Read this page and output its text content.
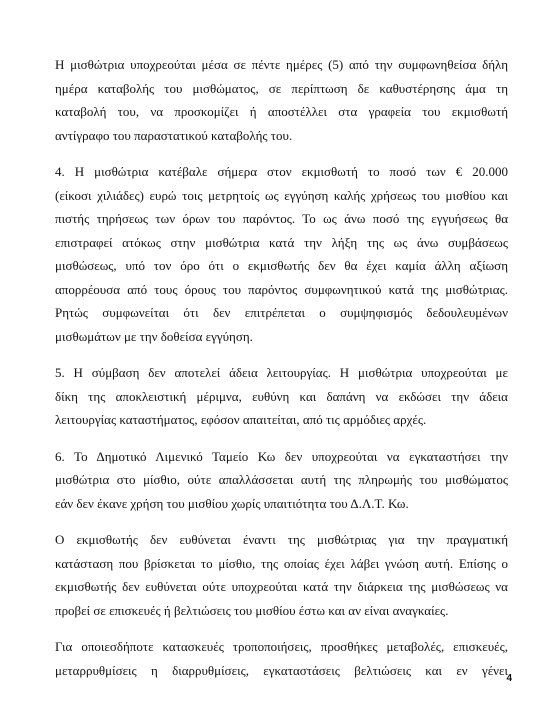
Η μισθώτρια υποχρεούται μέσα σε πέντε ημέρες (5) από την συμφωνηθείσα δήλη
ημέρα καταβολής του μισθώματος, σε περίπτωση δε καθυστέρησης άμα τη
καταβολή του, να προσκομίζει ή αποστέλλει στα γραφεία του εκμισθωτή
αντίγραφο του παραστατικού καταβολής του.

4. Η μισθώτρια κατέβαλε σήμερα στον εκμισθωτή το ποσό των € 20.000
(είκοσι χιλιάδες) ευρώ τοις μετρητοίς ως εγγύηση καλής χρήσεως του μισθίου και
πιστής τηρήσεως των όρων του παρόντος. Το ως άνω ποσό της εγγυήσεως θα
επιστραφεί ατόκως στην μισθώτρια κατά την λήξη της ως άνω συμβάσεως
μισθώσεως, υπό τον όρο ότι ο εκμισθωτής δεν θα έχει καμία άλλη αξίωση
απορρέουσα από τους όρους του παρόντος συμφωνητικού κατά της μισθώτριας.
Ρητώς συμφωνείται ότι δεν επιτρέπεται ο συμψηφισμός δεδουλευμένων
μισθωμάτων με την δοθείσα εγγύηση.

5. Η σύμβαση δεν αποτελεί άδεια λειτουργίας. Η μισθώτρια υποχρεούται με
δίκη της αποκλειστική μέριμνα, ευθύνη και δαπάνη να εκδώσει την άδεια
λειτουργίας καταστήματος, εφόσον απαιτείται, από τις αρμόδιες αρχές.

6. Το Δημοτικό Λιμενικό Ταμείο Κω δεν υποχρεούται να εγκαταστήσει την
μισθώτρια στο μίσθιο, ούτε απαλλάσσεται αυτή της πληρωμής του μισθώματος
εάν δεν έκανε χρήση του μισθίου χωρίς υπαιτιότητα του Δ.Λ.Τ. Κω.

Ο εκμισθωτής δεν ευθύνεται έναντι της μισθώτριας για την πραγματική
κατάσταση που βρίσκεται το μίσθιο, της οποίας έχει λάβει γνώση αυτή. Επίσης ο
εκμισθωτής δεν ευθύνεται ούτε υποχρεούται κατά την διάρκεια της μισθώσεως να
προβεί σε επισκευές ή βελτιώσεις του μισθίου έστω και αν είναι αναγκαίες.

Για οποιεσδήποτε κατασκευές τροποποιήσεις, προσθήκες μεταβολές, επισκευές,
μεταρρυθμίσεις η διαρρυθμίσεις, εγκαταστάσεις βελτιώσεις και εν γένει

4
